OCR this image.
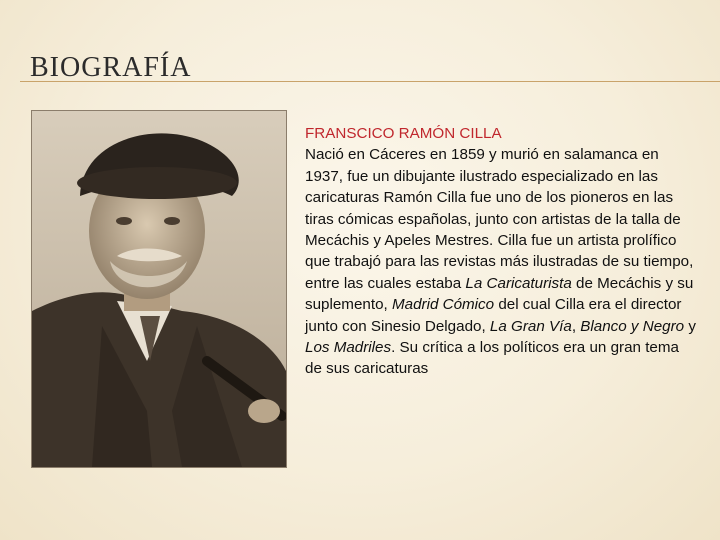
BIOGRAFÍA
FRANSCICO RAMÓN CILLA
Nació en Cáceres en 1859 y murió en salamanca en 1937, fue un dibujante ilustrado especializado en las caricaturas Ramón Cilla fue uno de los pioneros en las tiras cómicas españolas, junto con artistas de la talla de Mecáchis y Apeles Mestres. Cilla fue un artista prolífico que trabajó para las revistas más ilustradas de su tiempo, entre las cuales estaba La Caricaturista de Mecáchis y su suplemento, Madrid Cómico del cual Cilla era el director junto con Sinesio Delgado, La Gran Vía, Blanco y Negro y Los Madriles. Su crítica a los políticos era un gran tema de sus caricaturas
